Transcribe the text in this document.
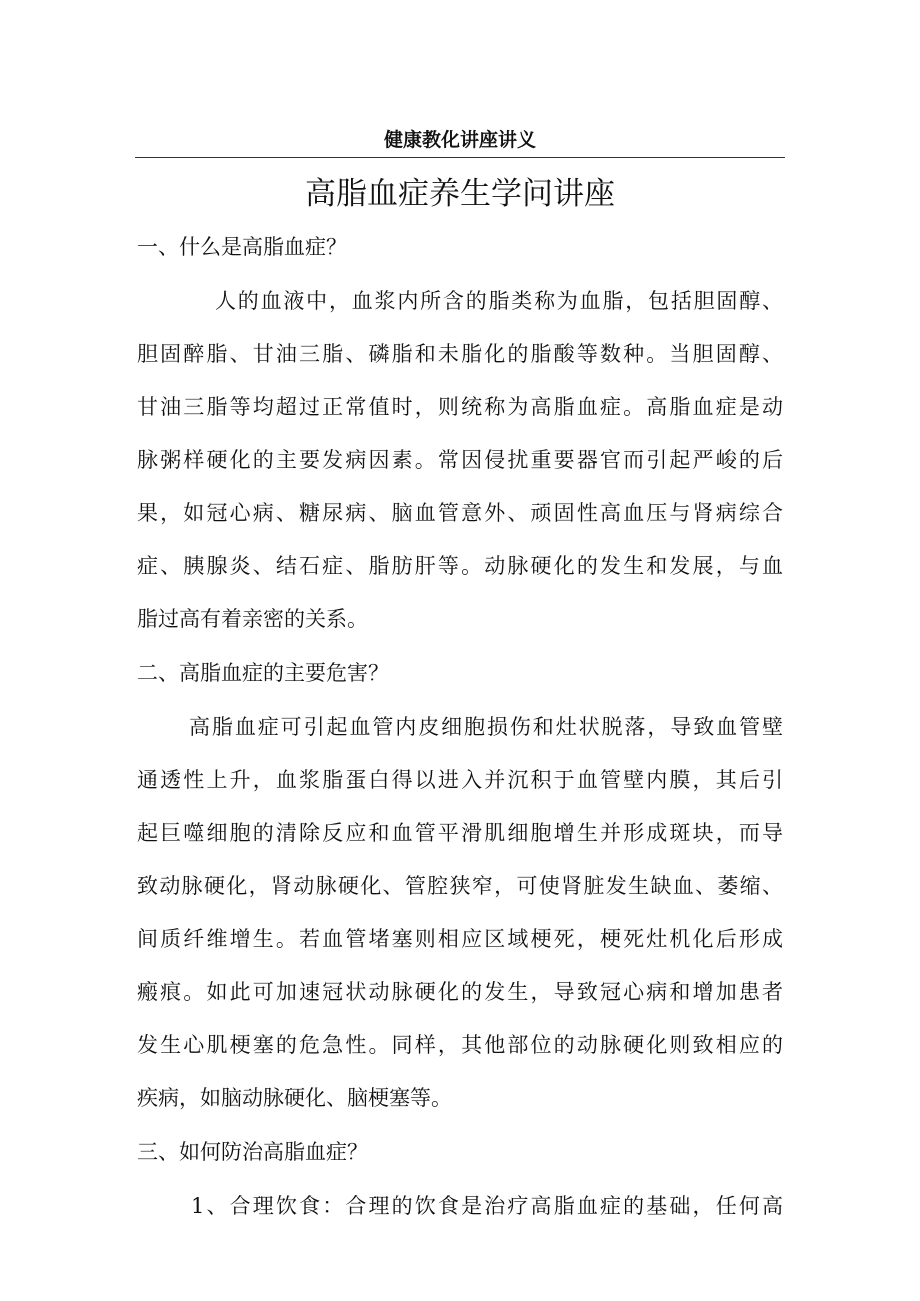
健康教化讲座讲义
高脂血症养生学问讲座
一、什么是高脂血症？
人的血液中，血浆内所含的脂类称为血脂，包括胆固醇、
胆固醉脂、甘油三脂、磷脂和未脂化的脂酸等数种。当胆固醇、
甘油三脂等均超过正常值时，则统称为高脂血症。高脂血症是动
脉粥样硬化的主要发病因素。常因侵扰重要器官而引起严峻的后
果，如冠心病、糖尿病、脑血管意外、顽固性高血压与肾病综合
症、胰腺炎、结石症、脂肪肝等。动脉硬化的发生和发展，与血
脂过高有着亲密的关系。
二、高脂血症的主要危害？
高脂血症可引起血管内皮细胞损伤和灶状脱落，导致血管壁
通透性上升，血浆脂蛋白得以进入并沉积于血管壁内膜，其后引
起巨噬细胞的清除反应和血管平滑肌细胞增生并形成斑块，而导
致动脉硬化，肾动脉硬化、管腔狭窄，可使肾脏发生缺血、萎缩、
间质纤维增生。若血管堵塞则相应区域梗死，梗死灶机化后形成
瘢痕。如此可加速冠状动脉硬化的发生，导致冠心病和增加患者
发生心肌梗塞的危急性。同样，其他部位的动脉硬化则致相应的
疾病，如脑动脉硬化、脑梗塞等。
三、如何防治高脂血症？
1、合理饮食：合理的饮食是治疗高脂血症的基础，任何高
